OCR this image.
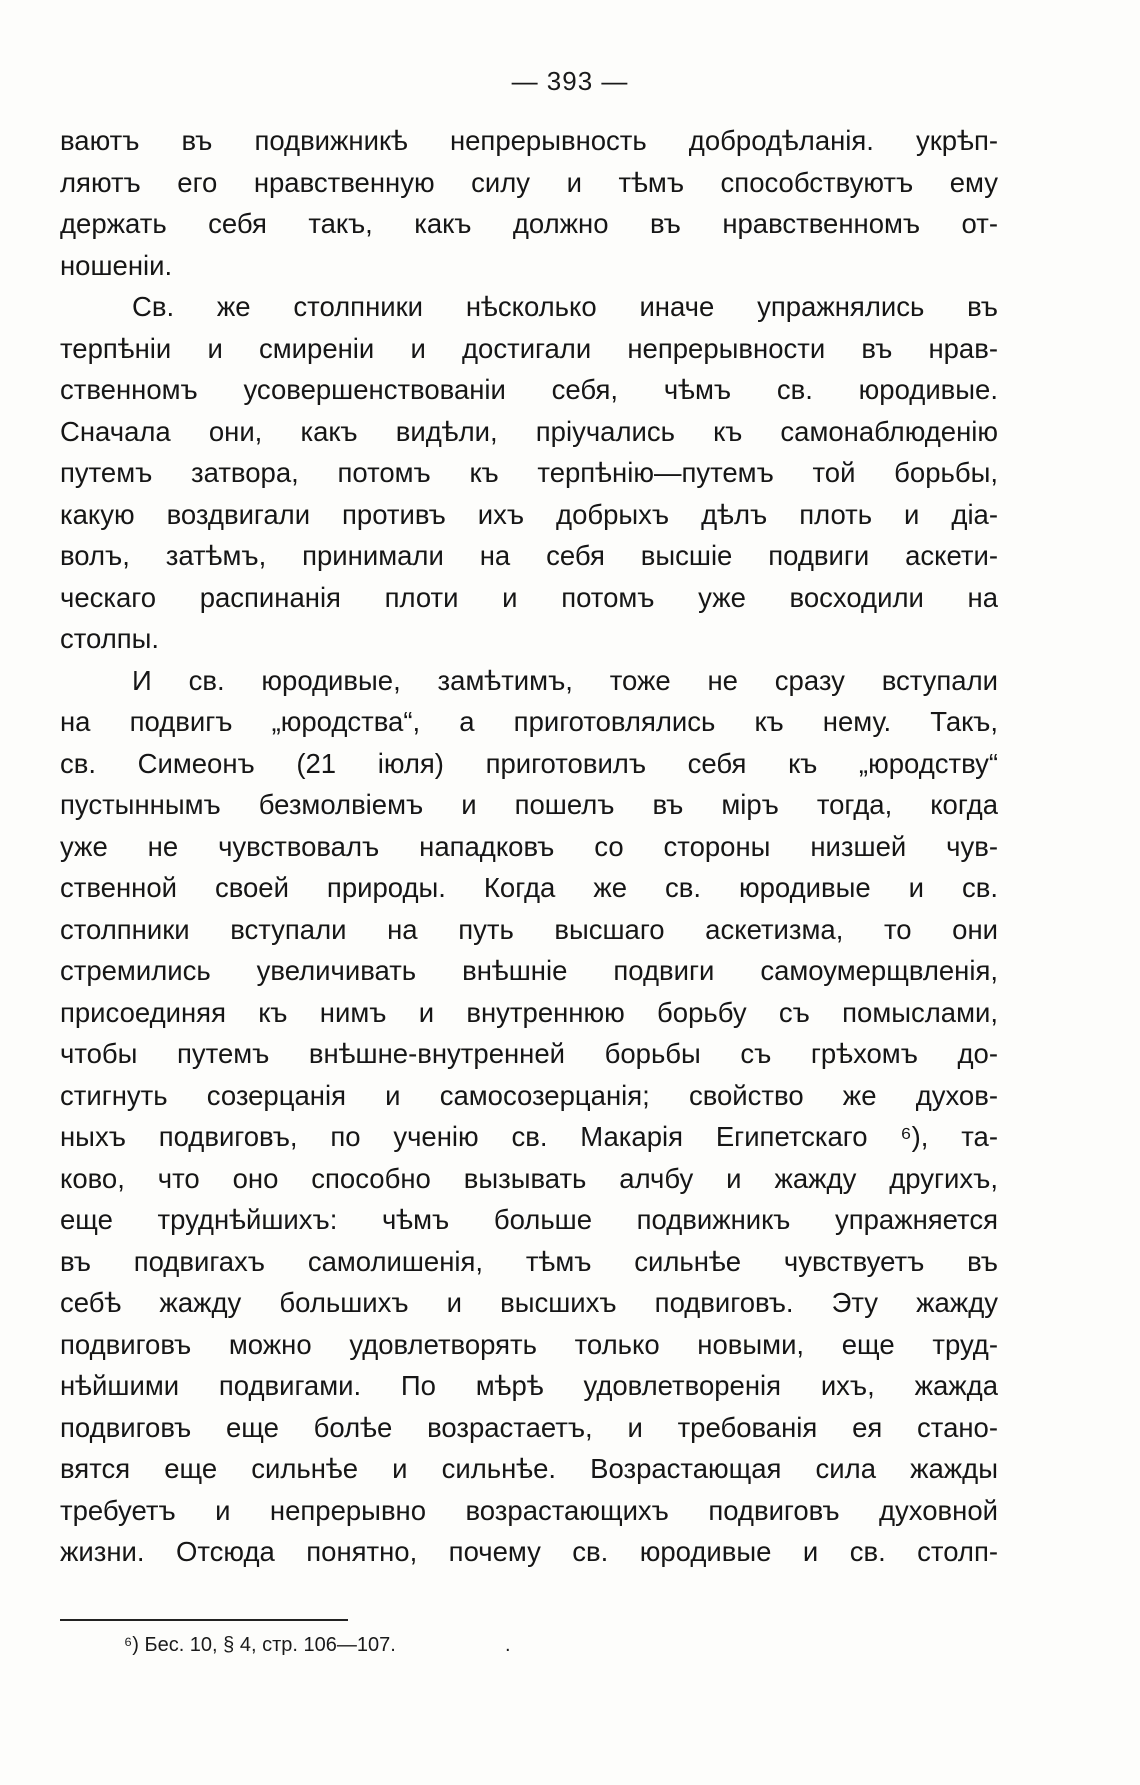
— 393 —
ваютъ въ подвижникѣ непрерывность добродѣланія. укрѣп-
ляютъ его нравственную силу и тѣмъ способствуютъ ему
держать себя такъ, какъ должно въ нравственномъ от-
ношеніи.
Св. же столпники нѣсколько иначе упражнялись въ
терпѣніи и смиреніи и достигали непрерывности въ нрав-
ственномъ усовершенствованіи себя, чѣмъ св. юродивые.
Сначала они, какъ видѣли, пріучались къ самонаблюденію
путемъ затвора, потомъ къ терпѣнію—путемъ той борьбы,
какую воздвигали противъ ихъ добрыхъ дѣлъ плоть и діа-
волъ, затѣмъ, принимали на себя высшіе подвиги аскети-
ческаго распинанія плоти и потомъ уже восходили на
столпы.
И св. юродивые, замѣтимъ, тоже не сразу вступали
на подвигъ „юродства“, а приготовлялись къ нему. Такъ,
св. Симеонъ (21 іюля) приготовилъ себя къ „юродству“
пустыннымъ безмолвіемъ и пошелъ въ міръ тогда, когда
уже не чувствовалъ нападковъ со стороны низшей чув-
ственной своей природы. Когда же св. юродивые и св.
столпники вступали на путь высшаго аскетизма, то они
стремились увеличивать внѣшніе подвиги самоумерщвленія,
присоединяя къ нимъ и внутреннюю борьбу съ помыслами,
чтобы путемъ внѣшне-внутренней борьбы съ грѣхомъ до-
стигнуть созерцанія и самосозерцанія; свойство же духов-
ныхъ подвиговъ, по ученію св. Макарія Египетскаго ⁶), та-
ково, что оно способно вызывать алчбу и жажду другихъ,
еще труднѣйшихъ: чѣмъ больше подвижникъ упражняется
въ подвигахъ самолишенія, тѣмъ сильнѣе чувствуетъ въ
себѣ жажду большихъ и высшихъ подвиговъ. Эту жажду
подвиговъ можно удовлетворять только новыми, еще труд-
нѣйшими подвигами. По мѣрѣ удовлетворенія ихъ, жажда
подвиговъ еще болѣе возрастаетъ, и требованія ея стано-
вятся еще сильнѣе и сильнѣе. Возрастающая сила жажды
требуетъ и непрерывно возрастающихъ подвиговъ духовной
жизни. Отсюда понятно, почему св. юродивые и св. столп-
⁶) Бес. 10, § 4, стр. 106—107.	.
